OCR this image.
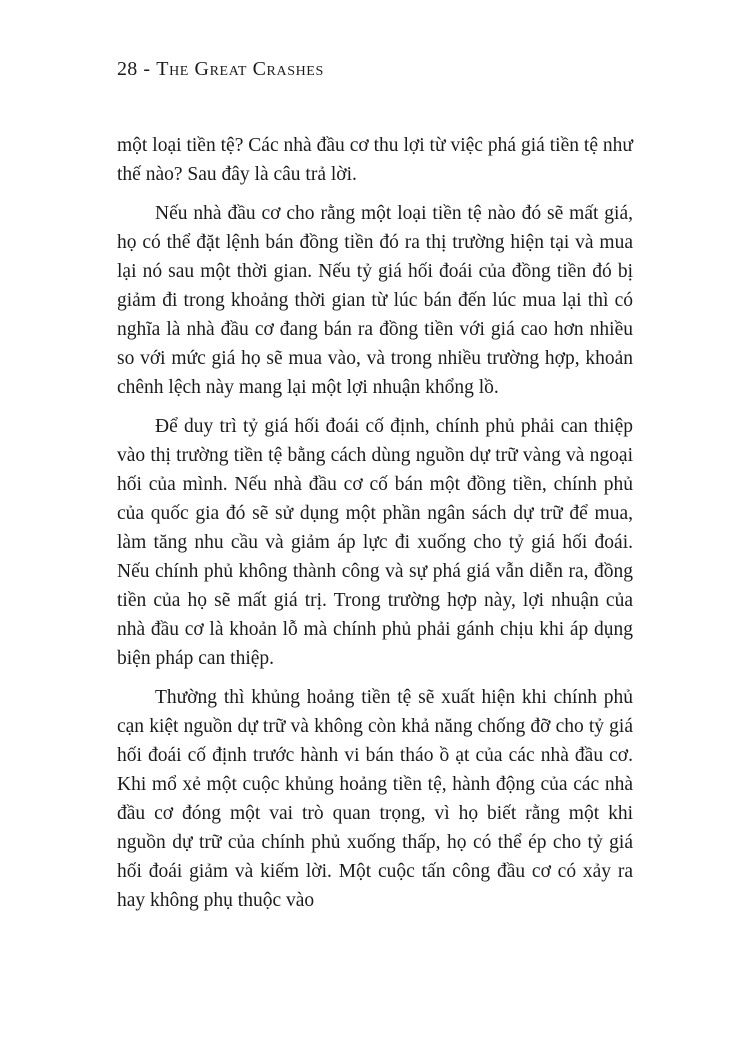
28 - The Great Crashes

một loại tiền tệ? Các nhà đầu cơ thu lợi từ việc phá giá tiền tệ như thế nào? Sau đây là câu trả lời.

Nếu nhà đầu cơ cho rằng một loại tiền tệ nào đó sẽ mất giá, họ có thể đặt lệnh bán đồng tiền đó ra thị trường hiện tại và mua lại nó sau một thời gian. Nếu tỷ giá hối đoái của đồng tiền đó bị giảm đi trong khoảng thời gian từ lúc bán đến lúc mua lại thì có nghĩa là nhà đầu cơ đang bán ra đồng tiền với giá cao hơn nhiều so với mức giá họ sẽ mua vào, và trong nhiều trường hợp, khoản chênh lệch này mang lại một lợi nhuận khổng lồ.

Để duy trì tỷ giá hối đoái cố định, chính phủ phải can thiệp vào thị trường tiền tệ bằng cách dùng nguồn dự trữ vàng và ngoại hối của mình. Nếu nhà đầu cơ cố bán một đồng tiền, chính phủ của quốc gia đó sẽ sử dụng một phần ngân sách dự trữ để mua, làm tăng nhu cầu và giảm áp lực đi xuống cho tỷ giá hối đoái. Nếu chính phủ không thành công và sự phá giá vẫn diễn ra, đồng tiền của họ sẽ mất giá trị. Trong trường hợp này, lợi nhuận của nhà đầu cơ là khoản lỗ mà chính phủ phải gánh chịu khi áp dụng biện pháp can thiệp.

Thường thì khủng hoảng tiền tệ sẽ xuất hiện khi chính phủ cạn kiệt nguồn dự trữ và không còn khả năng chống đỡ cho tỷ giá hối đoái cố định trước hành vi bán tháo ồ ạt của các nhà đầu cơ. Khi mổ xẻ một cuộc khủng hoảng tiền tệ, hành động của các nhà đầu cơ đóng một vai trò quan trọng, vì họ biết rằng một khi nguồn dự trữ của chính phủ xuống thấp, họ có thể ép cho tỷ giá hối đoái giảm và kiếm lời. Một cuộc tấn công đầu cơ có xảy ra hay không phụ thuộc vào
